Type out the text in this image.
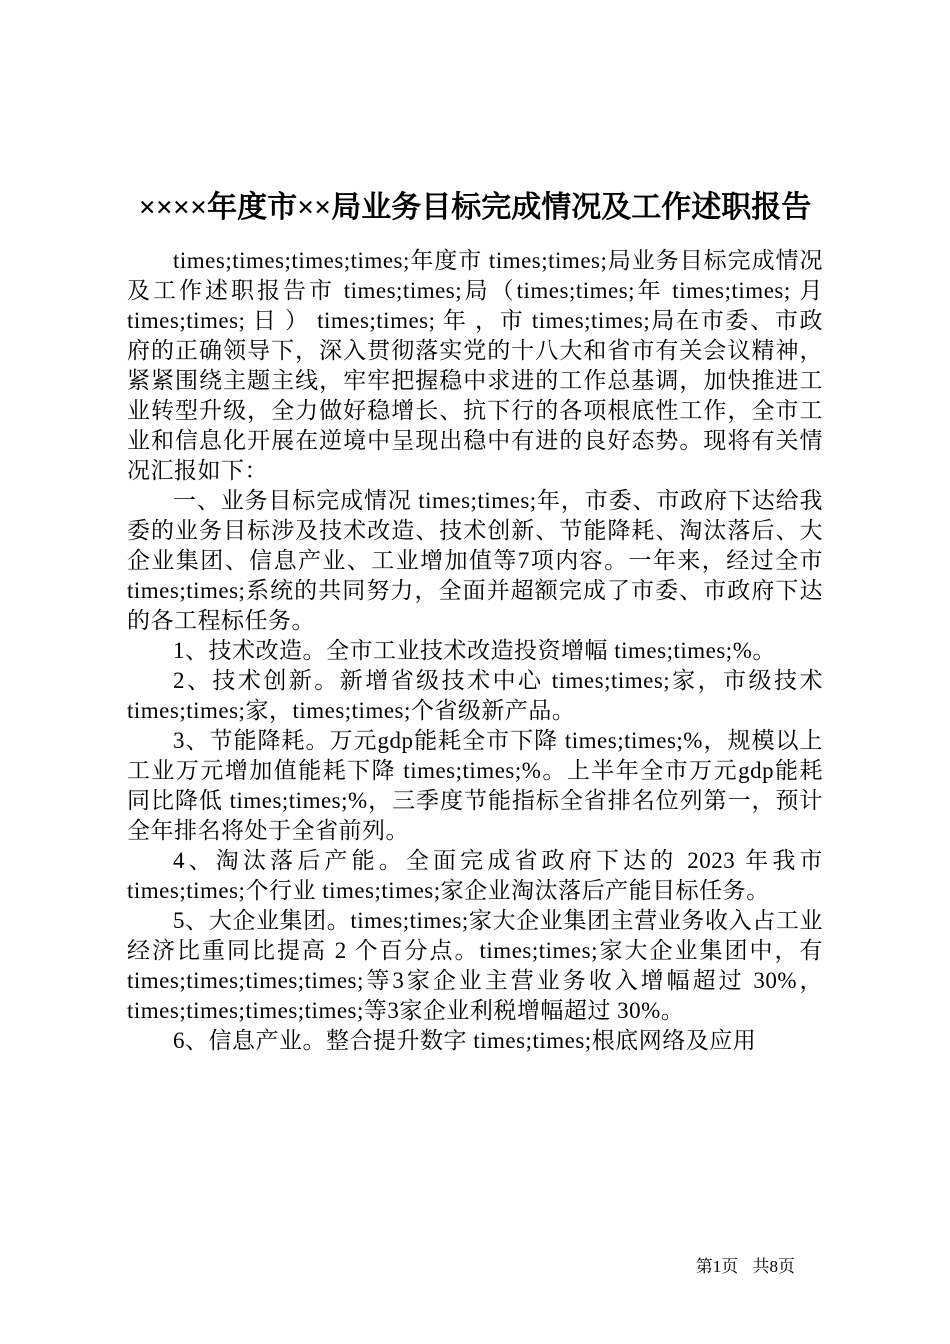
××××年度市××局业务目标完成情况及工作述职报告

times;times;times;times;年度市 times;times;局业务目标完成情况及工作述职报告市 times;times;局（times;times;年 times;times; 月 times;times; 日 ） times;times; 年 ，市 times;times;局在市委、市政府的正确领导下，深入贯彻落实党的十八大和省市有关会议精神，紧紧围绕主题主线，牢牢把握稳中求进的工作总基调，加快推进工业转型升级，全力做好稳增长、抗下行的各项根底性工作，全市工业和信息化开展在逆境中呈现出稳中有进的良好态势。现将有关情况汇报如下：

一、业务目标完成情况 times;times;年，市委、市政府下达给我委的业务目标涉及技术改造、技术创新、节能降耗、淘汰落后、大企业集团、信息产业、工业增加值等7项内容。一年来，经过全市 times;times;系统的共同努力，全面并超额完成了市委、市政府下达的各工程标任务。

1、技术改造。全市工业技术改造投资增幅 times;times;%。

2、技术创新。新增省级技术中心 times;times;家，市级技术 times;times;家，times;times;个省级新产品。

3、节能降耗。万元gdp能耗全市下降 times;times;%，规模以上工业万元增加值能耗下降 times;times;%。上半年全市万元gdp能耗同比降低 times;times;%，三季度节能指标全省排名位列第一，预计全年排名将处于全省前列。

4、淘汰落后产能。全面完成省政府下达的 2023 年我市 times;times;个行业 times;times;家企业淘汰落后产能目标任务。

5、大企业集团。times;times;家大企业集团主营业务收入占工业经济比重同比提高 2 个百分点。times;times;家大企业集团中，有 times;times;times;times;等3家企业主营业务收入增幅超过 30%，times;times;times;times;等3家企业利税增幅超过 30%。

6、信息产业。整合提升数字 times;times;根底网络及应用

第1页 共8页
